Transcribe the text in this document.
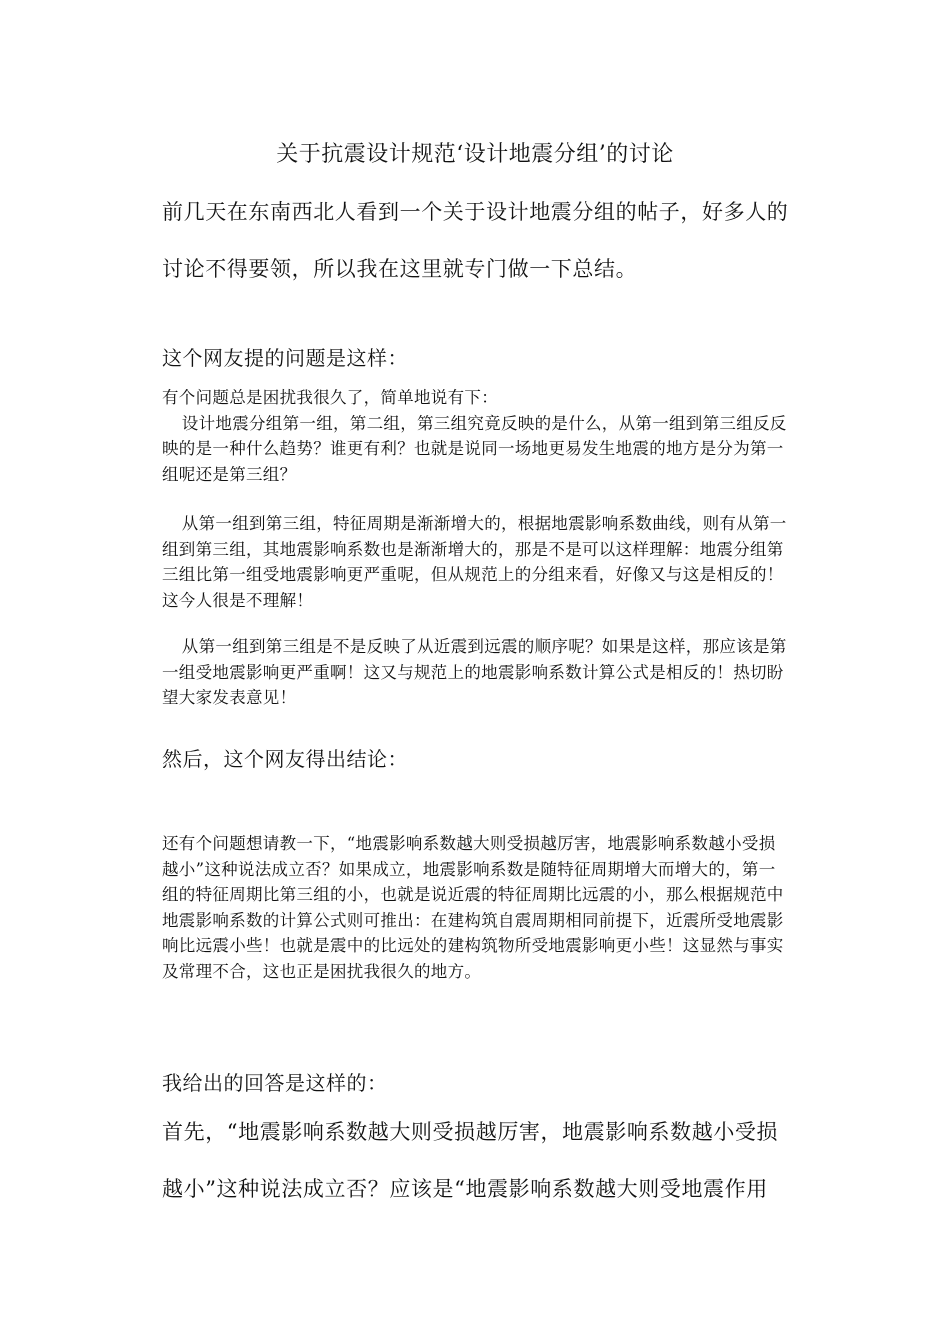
关于抗震设计规范‘设计地震分组’的讨论

前几天在东南西北人看到一个关于设计地震分组的帖子，好多人的讨论不得要领，所以我在这里就专门做一下总结。

这个网友提的问题是这样：

有个问题总是困扰我很久了，简单地说有下：

设计地震分组第一组，第二组，第三组究竟反映的是什么，从第一组到第三组反反映的是一种什么趋势？谁更有利？也就是说同一场地更易发生地震的地方是分为第一组呢还是第三组？

从第一组到第三组，特征周期是渐渐增大的，根据地震影响系数曲线，则有从第一组到第三组，其地震影响系数也是渐渐增大的，那是不是可以这样理解：地震分组第三组比第一组受地震影响更严重呢，但从规范上的分组来看，好像又与这是相反的！这今人很是不理解！

从第一组到第三组是不是反映了从近震到远震的顺序呢？如果是这样，那应该是第一组受地震影响更严重啊！这又与规范上的地震影响系数计算公式是相反的！热切盼望大家发表意见！

然后，这个网友得出结论：

还有个问题想请教一下，“地震影响系数越大则受损越厉害，地震影响系数越小受损越小”这种说法成立否？如果成立，地震影响系数是随特征周期增大而增大的，第一组的特征周期比第三组的小，也就是说近震的特征周期比远震的小，那么根据规范中地震影响系数的计算公式则可推出：在建构筑自震周期相同前提下，近震所受地震影响比远震小些！也就是震中的比远处的建构筑物所受地震影响更小些！这显然与事实及常理不合，这也正是困扰我很久的地方。

我给出的回答是这样的：

首先，“地震影响系数越大则受损越厉害，地震影响系数越小受损越小”这种说法成立否？应该是“地震影响系数越大则受地震作用
